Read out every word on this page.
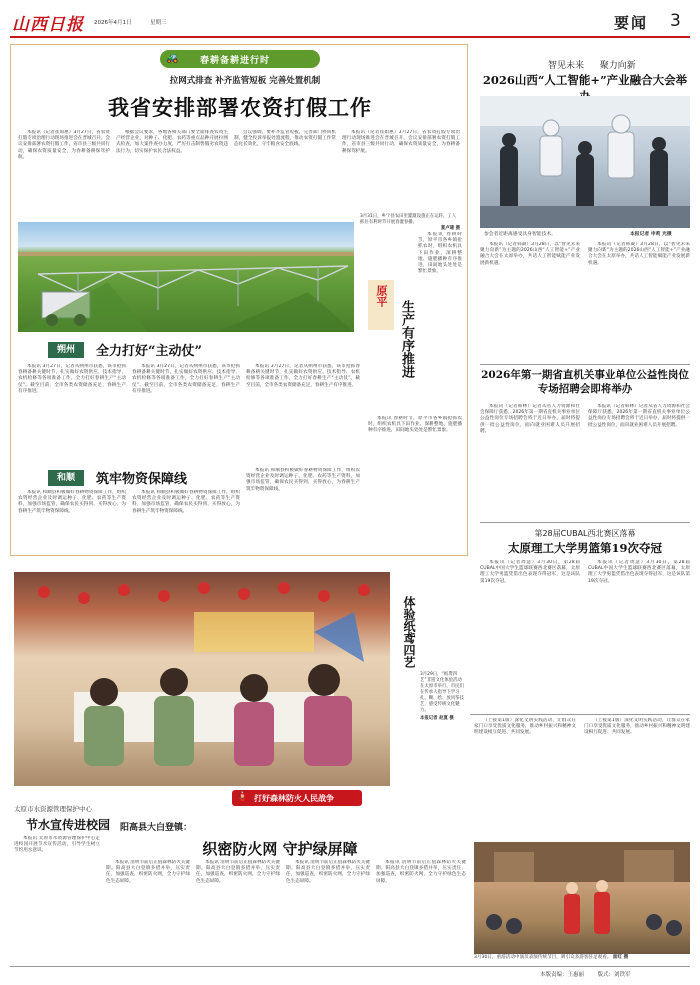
山西日报 2026年4月1日	星期三	要闻 3
🚜 春耕备耕进行时
拉网式排查 补齐监管短板 完善处置机制
我省安排部署农资打假工作

本报讯（记者崔如惠）3月27日，省农资打假专项治理行动现场推进会在晋城召开。会议安排部署农资打假工作，省市县三级共同行动，确保农资质量安全，为春耕备耕保驾护航。

根据会议要求，各地各相关部门要全面排查农资生产经营企业，对种子、化肥、农药等重点品种开展拉网式检查，加大案件查办力度，严厉打击制售假劣农资违法行为，切实保护农民合法权益。

会议强调，要补齐监管短板，完善部门协同机制，健全投诉举报处置流程，推动农资打假工作常态化长效化，守牢粮食安全底线。

本报讯（记者崔如惠）3月27日，省农资打假专项治理行动现场推进会在晋城召开。会议安排部署农资打假工作，省市县三级共同行动，确保农资质量安全，为春耕备耕保驾护航。

3月31日，乡宁县农田里灌溉设施正在运转，工人抓住有利时节开展春灌春播。
夏卢建 摄
原平
生产有序推进

本报讯 春耕时节，原平市各乡镇抢抓农时，组织农机具下田作业，深耕整地、施肥播种有序推进，田间地头处处是繁忙景象。

朔州	全力打好“主动仗”

本报讯 3月27日，记者从朔州市获悉，该市抢抓春耕备耕关键时节，扎实做好农资供应、技术指导、农机检修等各项准备工作，全力打好春耕生产“主动仗”。截至目前，全市各类农资储备充足，春耕生产有序推进。

本报讯 3月27日，记者从朔州市获悉，该市抢抓春耕备耕关键时节，扎实做好农资供应、技术指导、农机检修等各项准备工作，全力打好春耕生产“主动仗”。截至目前，全市各类农资储备充足，春耕生产有序推进。

本报讯 3月27日，记者从朔州市获悉，该市抢抓春耕备耕关键时节，扎实做好农资供应、技术指导、农机检修等各项准备工作，全力打好春耕生产“主动仗”。截至目前，全市各类农资储备充足，春耕生产有序推进。

和顺	筑牢物资保障线

本报讯 和顺县积极做好春耕物资保障工作，组织农资经营企业及时调运种子、化肥、农药等生产资料，加强市场监管，确保农民买得到、买得放心，为春耕生产筑牢物资保障线。

本报讯 和顺县积极做好春耕物资保障工作，组织农资经营企业及时调运种子、化肥、农药等生产资料，加强市场监管，确保农民买得到、买得放心，为春耕生产筑牢物资保障线。

本报讯 和顺县积极做好春耕物资保障工作，组织农资经营企业及时调运种子、化肥、农药等生产资料，加强市场监管，确保农民买得到、买得放心，为春耕生产筑牢物资保障线。

本报讯 春耕时节，原平市各乡镇抢抓农时，组织农机具下田作业，深耕整地、施肥播种有序推进，田间地头处处是繁忙景象。

体验纸鸢四艺
3月29日，“纸鸢四艺”非遗文化体验活动在太原市举行，市民们在传承人指导下学习扎、糊、绘、放风筝技艺，感受传统文化魅力。
本报记者 赵夏 摄
太原市水资源管理保护中心
节水宣传进校园

本报讯 太原市水资源管理保护中心走进校园开展节水宣传活动，引导学生树立节约用水意识。

🧯 打好森林防火人民战争
阳高县大白登镇：
织密防火网 守护绿屏障

本报讯 清明节前后正值森林防火关键期。阳高县大白登镇多措并举，压实责任，加强巡查，织密防火网，全力守护绿色生态屏障。

本报讯 清明节前后正值森林防火关键期。阳高县大白登镇多措并举，压实责任，加强巡查，织密防火网，全力守护绿色生态屏障。

本报讯 清明节前后正值森林防火关键期。阳高县大白登镇多措并举，压实责任，加强巡查，织密防火网，全力守护绿色生态屏障。

本报讯 清明节前后正值森林防火关键期。阳高县大白登镇多措并举，压实责任，加强巡查，织密防火网，全力守护绿色生态屏障。

智见未来 聚力向新
2026山西“人工智能+”产业融合大会举
参会者近距离感受具身智能技术。	本报记者 申莉 光摄

本报讯（记者韩凝）3月28日，以“智见未来 聚力向新”为主题的2026山西“人工智能+”产业融合大会在太原举办，共话人工智能赋能产业发展新机遇。

本报讯（记者韩凝）3月28日，以“智见未来 聚力向新”为主题的2026山西“人工智能+”产业融合大会在太原举办，共话人工智能赋能产业发展新机遇。

2026年第一期省直机关事业单位公益性岗位专场招聘会即将举办

本报讯（记者韩林）记者从省人力资源和社会保障厅获悉，2026年第一期省直机关事业单位公益性岗位专场招聘会将于近日举办，届时将提供一批公益性岗位，面向就业困难人员开展招聘。

本报讯（记者韩林）记者从省人力资源和社会保障厅获悉，2026年第一期省直机关事业单位公益性岗位专场招聘会将于近日举办，届时将提供一批公益性岗位，面向就业困难人员开展招聘。

第28届CUBAL西北赛区落幕
太原理工大学男篮第19次夺冠

本报讯（记者周慧）3月30日，第28届CUBAL中国大学生篮球联赛西北赛区落幕，太原理工大学男篮凭借出色表现夺得冠军，这是该队第19次夺冠。

本报讯（记者周慧）3月30日，第28届CUBAL中国大学生篮球联赛西北赛区落幕，太原理工大学男篮凭借出色表现夺得冠军，这是该队第19次夺冠。

（上接第1版）深化文明实践活动，让群众在家门口享受优质文化服务，推动乡村振兴和精神文明建设相互促进、共同发展。

（上接第1版）深化文明实践活动，让群众在家门口享受优质文化服务，推动乡村振兴和精神文明建设相互促进、共同发展。

3月30日，重游活动中演员表演传统节目，吸引众多游客驻足观看。 面红 摄
本版责编：王惠丽 版式：刘铁军
